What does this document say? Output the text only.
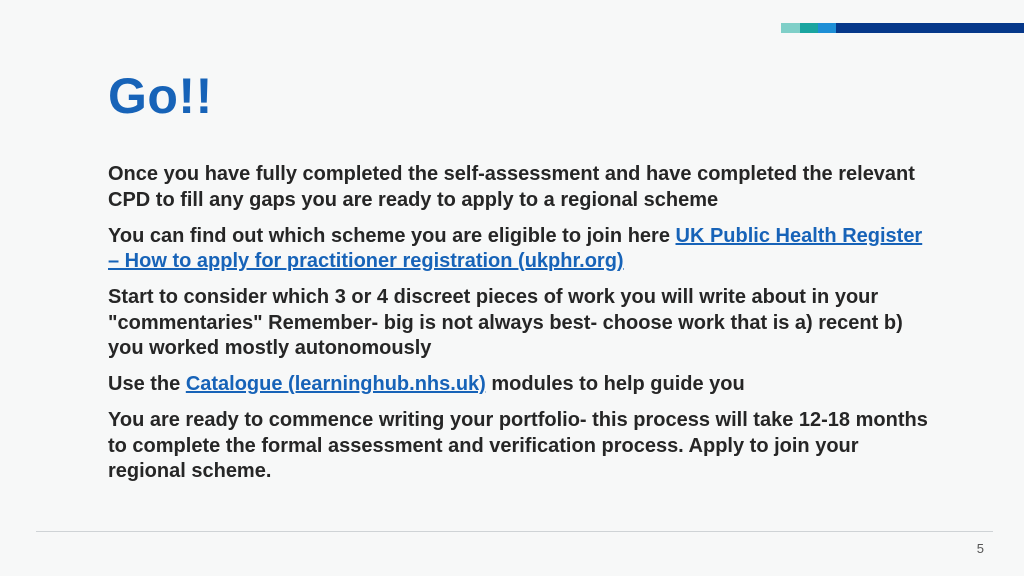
Go!!

Once you have fully completed the self-assessment and have completed the relevant CPD to fill any gaps you are ready to apply to a regional scheme

You can find out which scheme you are eligible to join here UK Public Health Register – How to apply for practitioner registration (ukphr.org)

Start to consider which 3 or 4 discreet pieces of work you will write about in your "commentaries" Remember- big is not always best- choose work that is a) recent b) you worked mostly autonomously

Use the Catalogue (learninghub.nhs.uk) modules to help guide you

You are ready to commence writing your portfolio- this process will take 12-18 months to complete the formal assessment and verification process. Apply to join your regional scheme.

5
